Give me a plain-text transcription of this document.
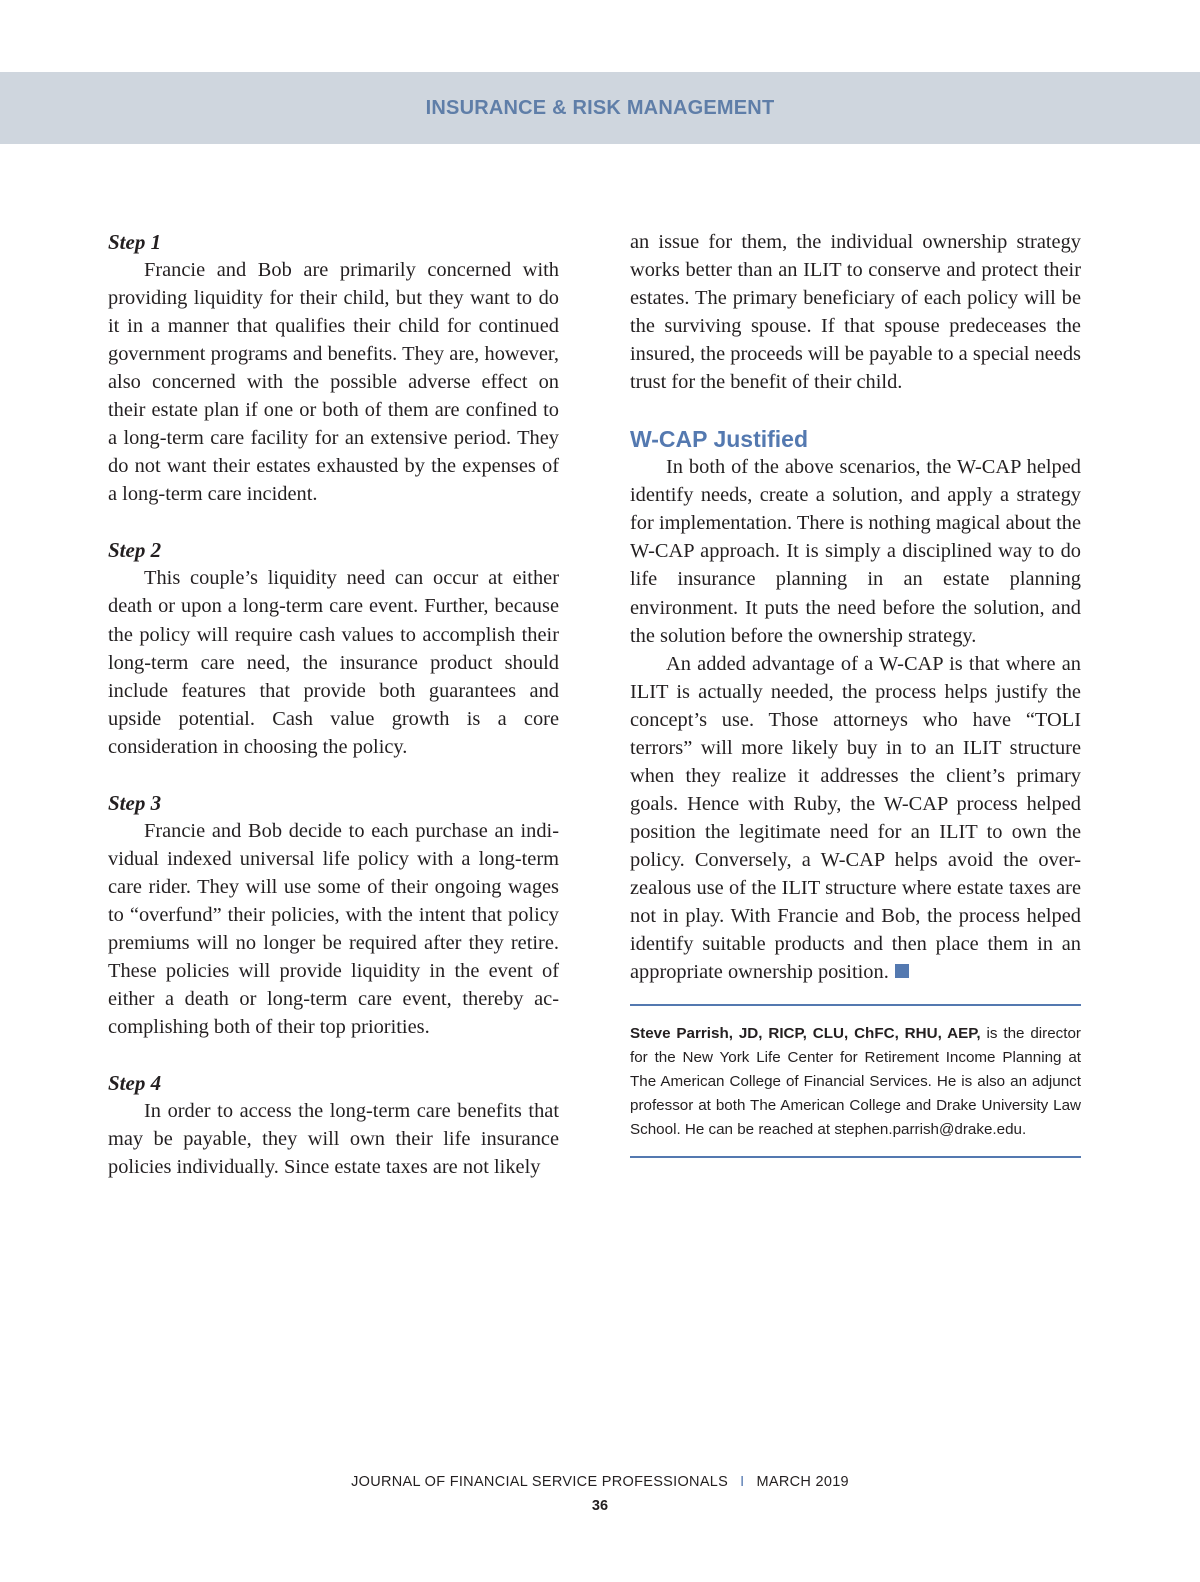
INSURANCE & RISK MANAGEMENT

Step 1

Francie and Bob are primarily concerned with providing liquidity for their child, but they want to do it in a manner that qualifies their child for continued government programs and benefits. They are, however, also concerned with the possible adverse effect on their estate plan if one or both of them are confined to a long-term care facility for an extensive period. They do not want their estates exhausted by the expenses of a long-term care incident.

Step 2

This couple’s liquidity need can occur at either death or upon a long-term care event. Further, because the policy will require cash values to accomplish their long-term care need, the insurance product should include features that provide both guarantees and upside potential. Cash value growth is a core consideration in choosing the policy.

Step 3

Francie and Bob decide to each purchase an individual indexed universal life policy with a long-term care rider. They will use some of their ongoing wages to “overfund” their policies, with the intent that policy premiums will no longer be required after they retire. These policies will provide liquidity in the event of either a death or long-term care event, thereby accomplishing both of their top priorities.

Step 4

In order to access the long-term care benefits that may be payable, they will own their life insurance policies individually. Since estate taxes are not likely

an issue for them, the individual ownership strategy works better than an ILIT to conserve and protect their estates. The primary beneficiary of each policy will be the surviving spouse. If that spouse predeceases the insured, the proceeds will be payable to a special needs trust for the benefit of their child.

W-CAP Justified

In both of the above scenarios, the W-CAP helped identify needs, create a solution, and apply a strategy for implementation. There is nothing magical about the W-CAP approach. It is simply a disciplined way to do life insurance planning in an estate planning environment. It puts the need before the solution, and the solution before the ownership strategy.

An added advantage of a W-CAP is that where an ILIT is actually needed, the process helps justify the concept’s use. Those attorneys who have “TOLI terrors” will more likely buy in to an ILIT structure when they realize it addresses the client’s primary goals. Hence with Ruby, the W-CAP process helped position the legitimate need for an ILIT to own the policy. Conversely, a W-CAP helps avoid the over-zealous use of the ILIT structure where estate taxes are not in play. With Francie and Bob, the process helped identify suitable products and then place them in an appropriate ownership position.

Steve Parrish, JD, RICP, CLU, ChFC, RHU, AEP, is the director for the New York Life Center for Retirement Income Planning at The American College of Financial Services. He is also an adjunct professor at both The American College and Drake University Law School. He can be reached at stephen.parrish@drake.edu.
JOURNAL OF FINANCIAL SERVICE PROFESSIONALS I MARCH 2019
36
